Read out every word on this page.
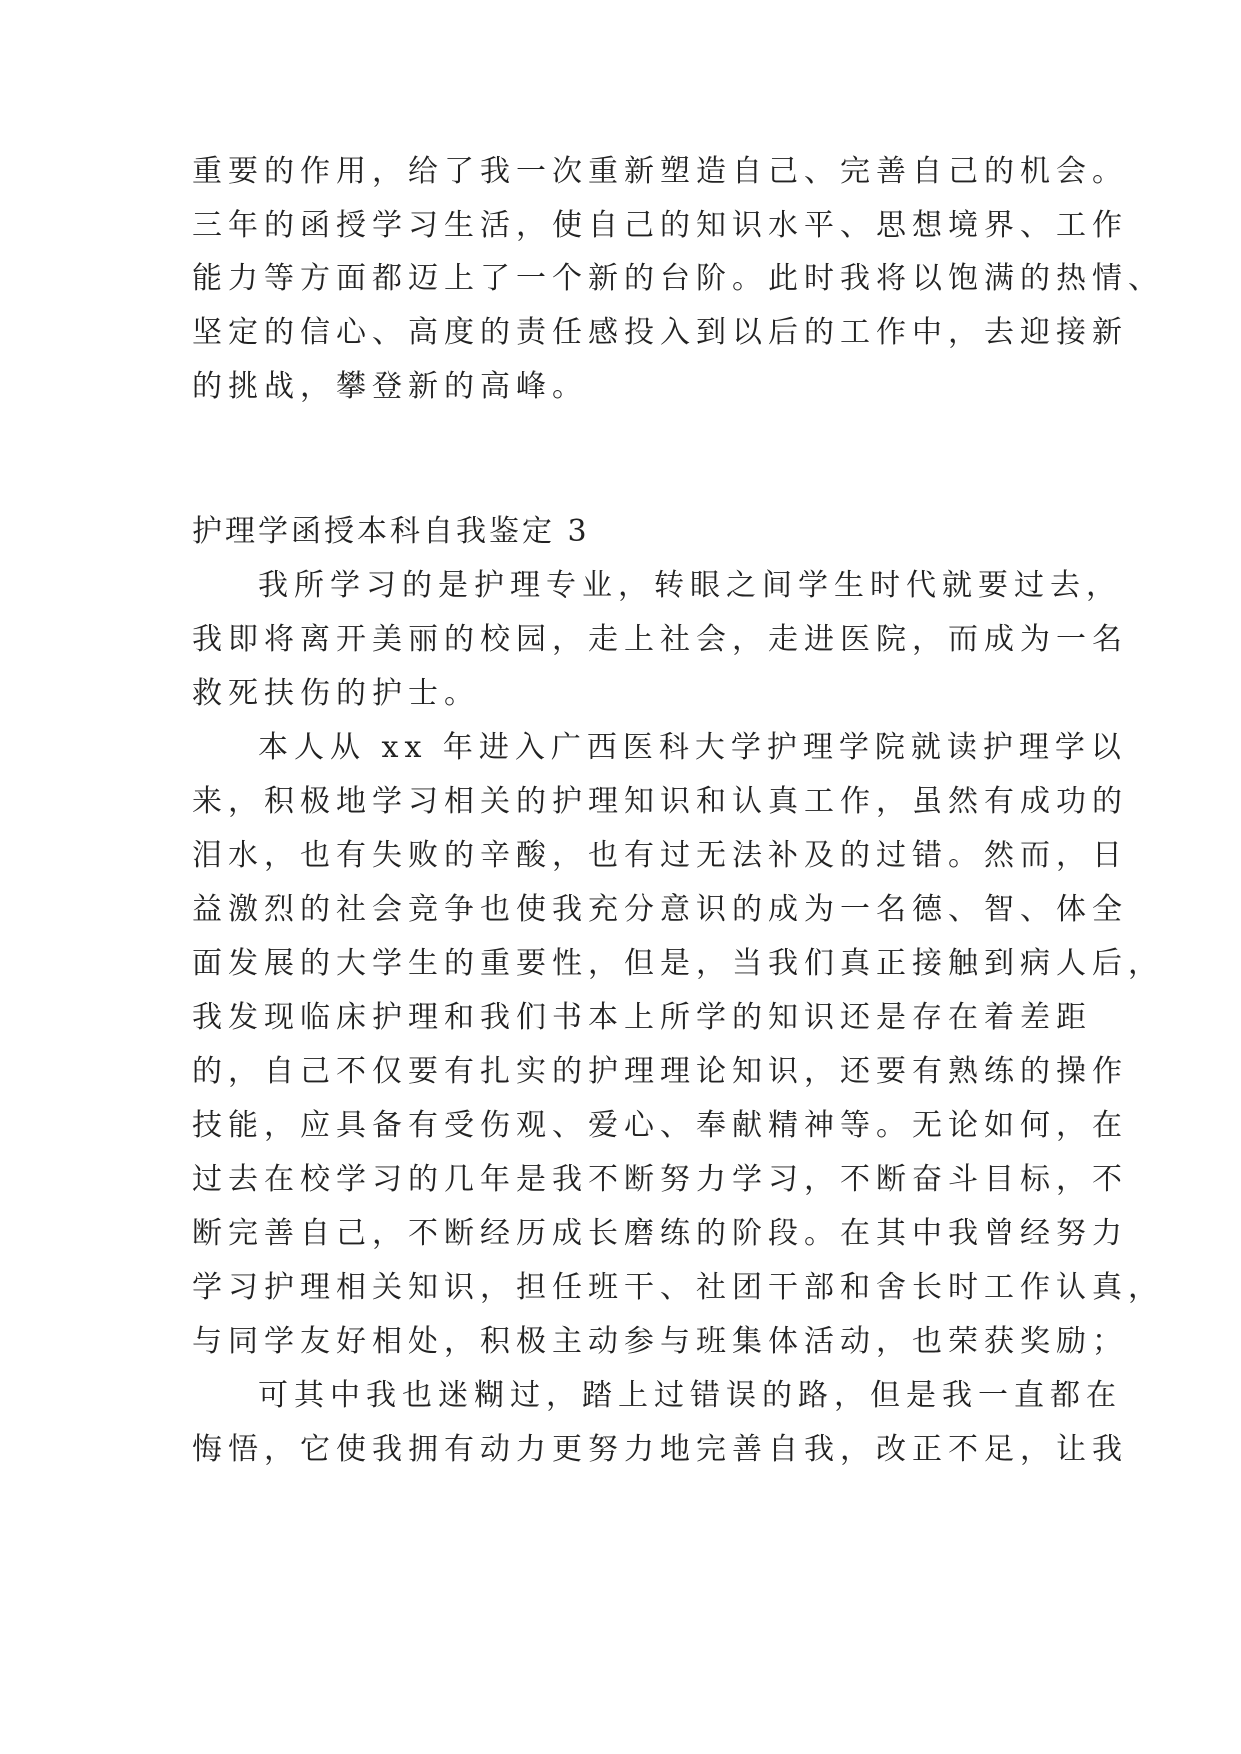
重要的作用，给了我一次重新塑造自己、完善自己的机会。
三年的函授学习生活，使自己的知识水平、思想境界、工作
能力等方面都迈上了一个新的台阶。此时我将以饱满的热情、
坚定的信心、高度的责任感投入到以后的工作中，去迎接新
的挑战，攀登新的高峰。
护理学函授本科自我鉴定 3
我所学习的是护理专业，转眼之间学生时代就要过去，
我即将离开美丽的校园，走上社会，走进医院，而成为一名
救死扶伤的护士。
本人从 xx 年进入广西医科大学护理学院就读护理学以
来，积极地学习相关的护理知识和认真工作，虽然有成功的
泪水，也有失败的辛酸，也有过无法补及的过错。然而，日
益激烈的社会竞争也使我充分意识的成为一名德、智、体全
面发展的大学生的重要性，但是，当我们真正接触到病人后，
我发现临床护理和我们书本上所学的知识还是存在着差距
的，自己不仅要有扎实的护理理论知识，还要有熟练的操作
技能，应具备有受伤观、爱心、奉献精神等。无论如何，在
过去在校学习的几年是我不断努力学习，不断奋斗目标，不
断完善自己，不断经历成长磨练的阶段。在其中我曾经努力
学习护理相关知识，担任班干、社团干部和舍长时工作认真，
与同学友好相处，积极主动参与班集体活动，也荣获奖励；
可其中我也迷糊过，踏上过错误的路，但是我一直都在
悔悟，它使我拥有动力更努力地完善自我，改正不足，让我
